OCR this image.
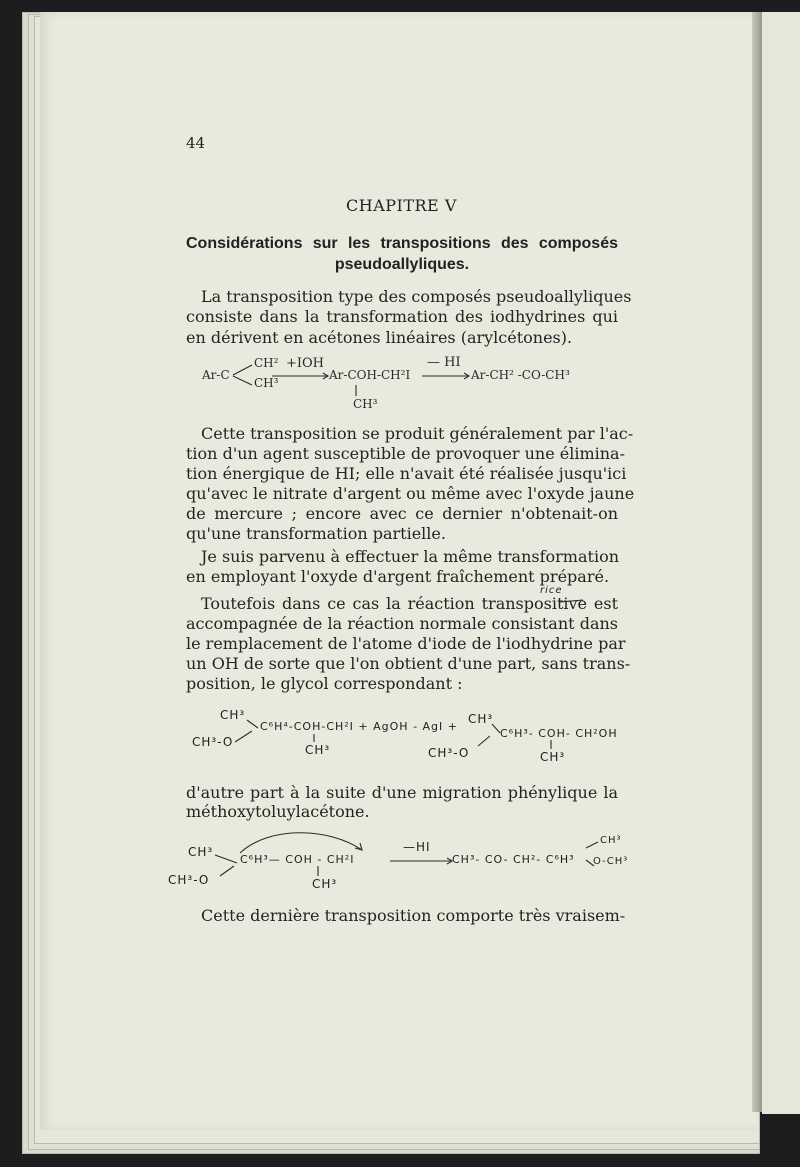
44
CHAPITRE V
Considérations sur les transpositions des composés
pseudoallyliques.
La transposition type des composés pseudoallyliques
consiste dans la transformation des iodhydrines qui
en dérivent en acétones linéaires (arylcétones).
Ar-C
CH²
CH³
+IOH
Ar-COH-CH²I
CH³
— HI
Ar-CH² -CO-CH³
Cette transposition se produit généralement par l'ac-
tion d'un agent susceptible de provoquer une élimina-
tion énergique de HI; elle n'avait été réalisée jusqu'ici
qu'avec le nitrate d'argent ou même avec l'oxyde jaune
de mercure ; encore avec ce dernier n'obtenait-on
qu'une transformation partielle.
Je suis parvenu à effectuer la même transformation
en employant l'oxyde d'argent fraîchement préparé.
rice
Toutefois dans ce cas la réaction transpositive est
accompagnée de la réaction normale consistant dans
le remplacement de l'atome d'iode de l'iodhydrine par
un OH de sorte que l'on obtient d'une part, sans trans-
position, le glycol correspondant :
CH³
CH³-O
C⁶H⁴-COH-CH²I + AgOH - AgI +
CH³
CH³
CH³-O
C⁶H³- COH- CH²OH
CH³
d'autre part à la suite d'une migration phénylique la
méthoxytoluylacétone.
CH³
CH³-O
C⁶H³— COH - CH²I
CH³
—HI
CH³- CO- CH²- C⁶H³
CH³
O-CH³
Cette dernière transposition comporte très vraisem-
